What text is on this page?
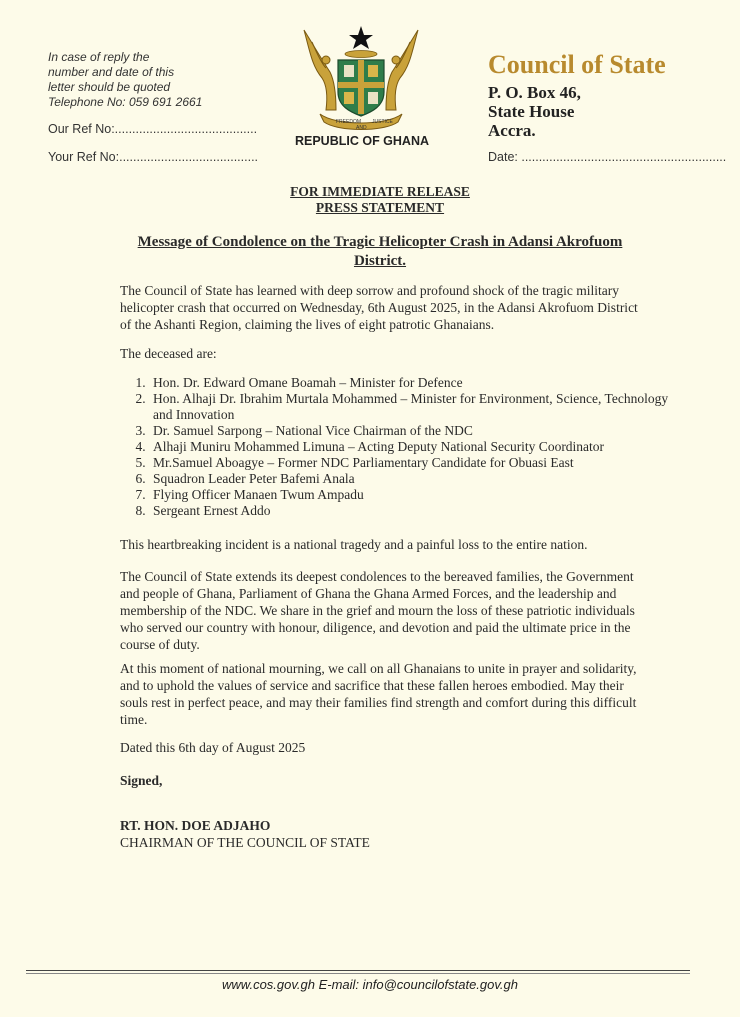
In case of reply the
number and date of this
letter should be quoted
Telephone No: 059 691 2661
Our Ref No:.........................................
Your Ref No:........................................
FREEDOM
AND
JUSTICE
REPUBLIC OF GHANA
Council of State
P. O. Box 46,
State House
Accra.
Date: ...........................................................
FOR IMMEDIATE RELEASE
PRESS STATEMENT
Message of Condolence on the Tragic Helicopter Crash in Adansi Akrofuom
District.

The Council of State has learned with deep sorrow and profound shock of the tragic military helicopter crash that occurred on Wednesday, 6th August 2025, in the Adansi Akrofuom District of the Ashanti Region, claiming the lives of eight patrotic Ghanaians.

The deceased are:

1. Hon. Dr. Edward Omane Boamah – Minister for Defence
2. Hon. Alhaji Dr. Ibrahim Murtala Mohammed – Minister for Environment, Science, Technology and Innovation
3. Dr. Samuel Sarpong – National Vice Chairman of the NDC
4. Alhaji Muniru Mohammed Limuna – Acting Deputy National Security Coordinator
5. Mr.Samuel Aboagye – Former NDC Parliamentary Candidate for Obuasi East
6. Squadron Leader Peter Bafemi Anala
7. Flying Officer Manaen Twum Ampadu
8. Sergeant Ernest Addo

This heartbreaking incident is a national tragedy and a painful loss to the entire nation.

The Council of State extends its deepest condolences to the bereaved families, the Government and people of Ghana, Parliament of Ghana the Ghana Armed Forces, and the leadership and membership of the NDC. We share in the grief and mourn the loss of these patriotic individuals who served our country with honour, diligence, and devotion and paid the ultimate price in the course of duty.

At this moment of national mourning, we call on all Ghanaians to unite in prayer and solidarity, and to uphold the values of service and sacrifice that these fallen heroes embodied. May their souls rest in perfect peace, and may their families find strength and comfort during this difficult time.

Dated this 6th day of August 2025

Signed,

RT. HON. DOE ADJAHO

CHAIRMAN OF THE COUNCIL OF STATE

www.cos.gov.gh E-mail: info@councilofstate.gov.gh
